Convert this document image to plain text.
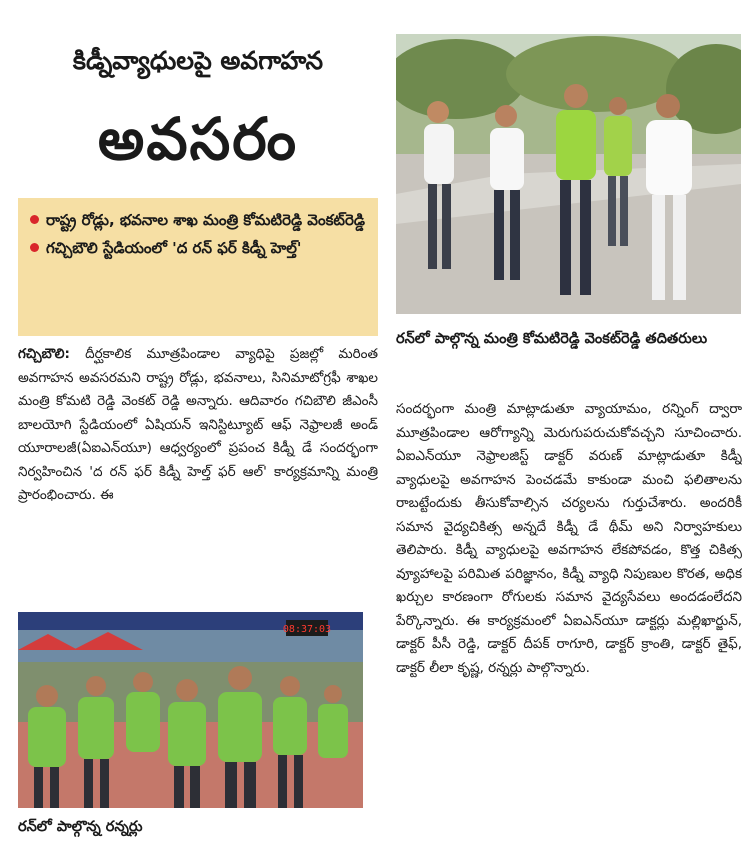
కిడ్నీవ్యాధులపై అవగాహన
అవసరం
రాష్ట్ర రోడ్లు, భవనాల శాఖ మంత్రి కోమటిరెడ్డి వెంకట్‌రెడ్డి
గచ్చిబౌలి స్టేడియంలో 'ద రన్ ఫర్ కిడ్నీ హెల్త్'
గచ్చిబౌలి: దీర్ఘకాలిక మూత్రపిండాల వ్యాధిపై ప్రజల్లో మరింత అవగాహన అవసరమని రాష్ట్ర రోడ్లు, భవనాలు, సినిమాటోగ్రఫీ శాఖల మంత్రి కోమటి రెడ్డి వెంకట్ రెడ్డి అన్నారు. ఆదివారం గచిబౌలి జీఎంసీ బాలయోగి స్టేడియంలో ఏషియన్ ఇనిస్టిట్యూట్ ఆఫ్ నెఫ్రాలజీ అండ్ యూరాలజీ(ఏఐఎన్‌యూ) ఆధ్వర్యంలో ప్రపంచ కిడ్నీ డే సందర్భంగా నిర్వహించిన 'ద రన్ ఫర్ కిడ్నీ హెల్త్ ఫర్ ఆల్' కార్యక్రమాన్ని మంత్రి ప్రారంభించారు. ఈ
రన్‌లో పాల్గొన్న మంత్రి కోమటిరెడ్డి వెంకట్‌రెడ్డి తదితరులు
సందర్భంగా మంత్రి మాట్లాడుతూ వ్యాయామం, రన్నింగ్ ద్వారా మూత్రపిండాల ఆరోగ్యాన్ని మెరుగుపరుచుకోవచ్చని సూచించారు. ఏఐఎన్‌యూ నెఫ్రాలజిస్ట్ డాక్టర్ వరుణ్ మాట్లాడుతూ కిడ్నీ వ్యాధులపై అవగాహన పెంచడమే కాకుండా మంచి ఫలితాలను రాబట్టేందుకు తీసుకోవాల్సిన చర్యలను గుర్తుచేశారు. అందరికీ సమాన వైద్యచికిత్స అన్నదే కిడ్నీ డే థీమ్ అని నిర్వాహకులు తెలిపారు. కిడ్నీ వ్యాధులపై అవగాహన లేకపోవడం, కొత్త చికిత్స వ్యూహాలపై పరిమిత పరిజ్ఞానం, కిడ్నీ వ్యాధి నిపుణుల కొరత, అధిక ఖర్చుల కారణంగా రోగులకు సమాన వైద్యసేవలు అందడంలేదని పేర్కొన్నారు. ఈ కార్యక్రమంలో ఏఐఎన్‌యూ డాక్టర్లు మల్లిఖార్జున్, డాక్టర్ పీసీ రెడ్డి, డాక్టర్ దీపక్ రాగూరి, డాక్టర్ క్రాంతి, డాక్టర్ తైఫ్, డాక్టర్ లీలా కృష్ణ, రన్నర్లు పాల్గొన్నారు.
08:37:03
రన్‌లో పాల్గొన్న రన్నర్లు
